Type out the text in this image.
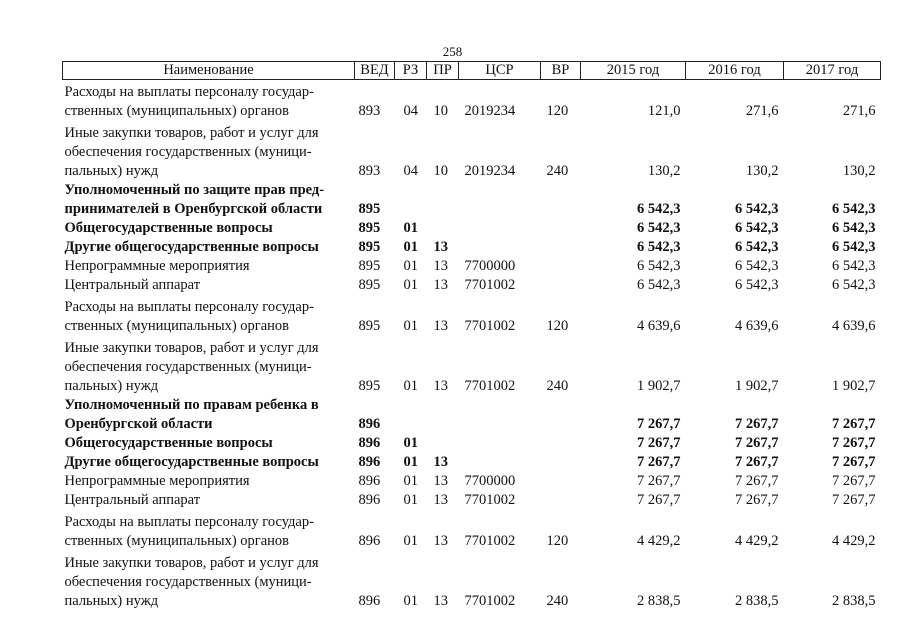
258
Наименование	ВЕД	РЗ	ПР	ЦСР	ВР	2015 год	2016 год	2017 год
Расходы на выплаты персоналу государ-
ственных (муниципальных) органов	893	04	10	2019234	120	121,0	271,6	271,6
Иные закупки товаров, работ и услуг для
обеспечения государственных (муници-
пальных) нужд	893	04	10	2019234	240	130,2	130,2	130,2
Уполномоченный по защите прав пред-
принимателей в Оренбургской области	895					6 542,3	6 542,3	6 542,3
Общегосударственные вопросы	895	01				6 542,3	6 542,3	6 542,3
Другие общегосударственные вопросы	895	01	13			6 542,3	6 542,3	6 542,3
Непрограммные мероприятия	895	01	13	7700000		6 542,3	6 542,3	6 542,3
Центральный аппарат	895	01	13	7701002		6 542,3	6 542,3	6 542,3
Расходы на выплаты персоналу государ-
ственных (муниципальных) органов	895	01	13	7701002	120	4 639,6	4 639,6	4 639,6
Иные закупки товаров, работ и услуг для
обеспечения государственных (муници-
пальных) нужд	895	01	13	7701002	240	1 902,7	1 902,7	1 902,7
Уполномоченный по правам ребенка в
Оренбургской области	896					7 267,7	7 267,7	7 267,7
Общегосударственные вопросы	896	01				7 267,7	7 267,7	7 267,7
Другие общегосударственные вопросы	896	01	13			7 267,7	7 267,7	7 267,7
Непрограммные мероприятия	896	01	13	7700000		7 267,7	7 267,7	7 267,7
Центральный аппарат	896	01	13	7701002		7 267,7	7 267,7	7 267,7
Расходы на выплаты персоналу государ-
ственных (муниципальных) органов	896	01	13	7701002	120	4 429,2	4 429,2	4 429,2
Иные закупки товаров, работ и услуг для
обеспечения государственных (муници-
пальных) нужд	896	01	13	7701002	240	2 838,5	2 838,5	2 838,5
